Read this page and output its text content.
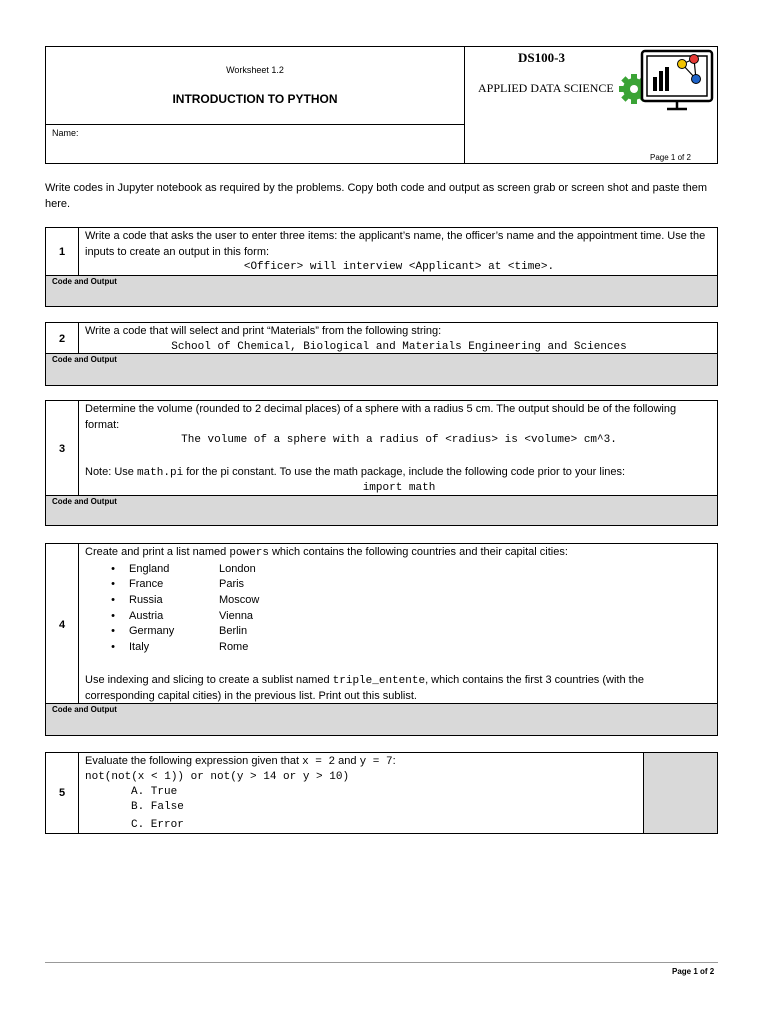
Worksheet 1.2
INTRODUCTION TO PYTHON
Name:
DS100-3
APPLIED DATA SCIENCE
Page 1 of 2
Write codes in Jupyter notebook as required by the problems. Copy both code and output as screen grab or screen shot and paste them here.
1
Write a code that asks the user to enter three items: the applicant’s name, the officer’s name and the appointment time. Use the inputs to create an output in this form:
<Officer> will interview <Applicant> at <time>.
Code and Output
2
Write a code that will select and print “Materials” from the following string:
School of Chemical, Biological and Materials Engineering and Sciences
Code and Output
3
Determine the volume (rounded to 2 decimal places) of a sphere with a radius 5 cm. The output should be of the following format:
The volume of a sphere with a radius of <radius> is <volume> cm^3.
Note: Use math.pi for the pi constant. To use the math package, include the following code prior to your lines:
import math
Code and Output
4
Create and print a list named powers which contains the following countries and their capital cities:
•	England	London
•	France	Paris
•	Russia	Moscow
•	Austria	Vienna
•	Germany	Berlin
•	Italy	Rome
Use indexing and slicing to create a sublist named triple_entente, which contains the first 3 countries (with the corresponding capital cities) in the previous list. Print out this sublist.
Code and Output
5
Evaluate the following expression given that x = 2 and y = 7:
not(not(x < 1)) or not(y > 14 or y > 10)
A. True
B. False
C. Error
Page 1 of 2
